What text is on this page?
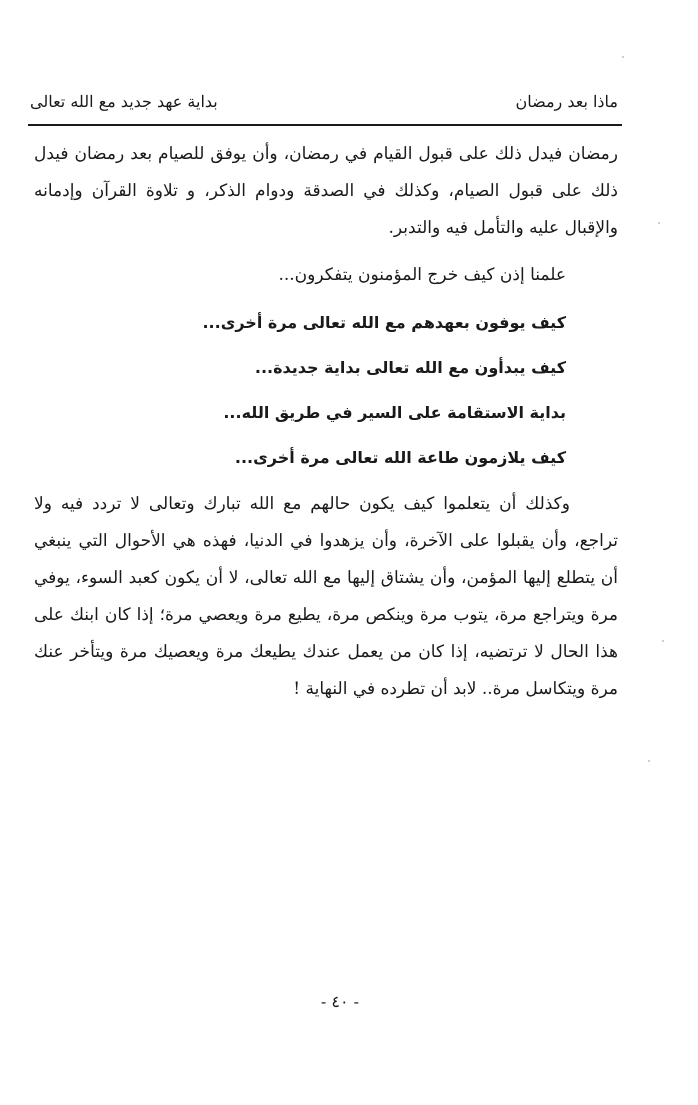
ماذا بعد رمضان
بداية عهد جديد مع الله تعالى

رمضان فيدل ذلك على قبول القيام في رمضان، وأن يوفق للصيام بعد رمضان فيدل ذلك على قبول الصيام، وكذلك في الصدقة ودوام الذكر، و تلاوة القرآن وإدمانه والإقبال عليه والتأمل فيه والتدبر.

علمنا إذن كيف خرج المؤمنون يتفكرون...

كيف يوفون بعهدهم مع الله تعالى مرة أخرى...

كيف يبدأون مع الله تعالى بداية جديدة...

بداية الاستقامة على السير في طريق الله...

كيف يلازمون طاعة الله تعالى مرة أخرى...

وكذلك أن يتعلموا كيف يكون حالهم مع الله تبارك وتعالى لا تردد فيه ولا تراجع، وأن يقبلوا على الآخرة، وأن يزهدوا في الدنيا، فهذه هي الأحوال التي ينبغي أن يتطلع إليها المؤمن، وأن يشتاق إليها مع الله تعالى، لا أن يكون كعبد السوء، يوفي مرة ويتراجع مرة، يتوب مرة وينكص مرة، يطيع مرة ويعصي مرة؛ إذا كان ابنك على هذا الحال لا ترتضيه، إذا كان من يعمل عندك يطيعك مرة ويعصيك مرة ويتأخر عنك مرة ويتكاسل مرة.. لابد أن تطرده في النهاية !

- ٤٠ -
